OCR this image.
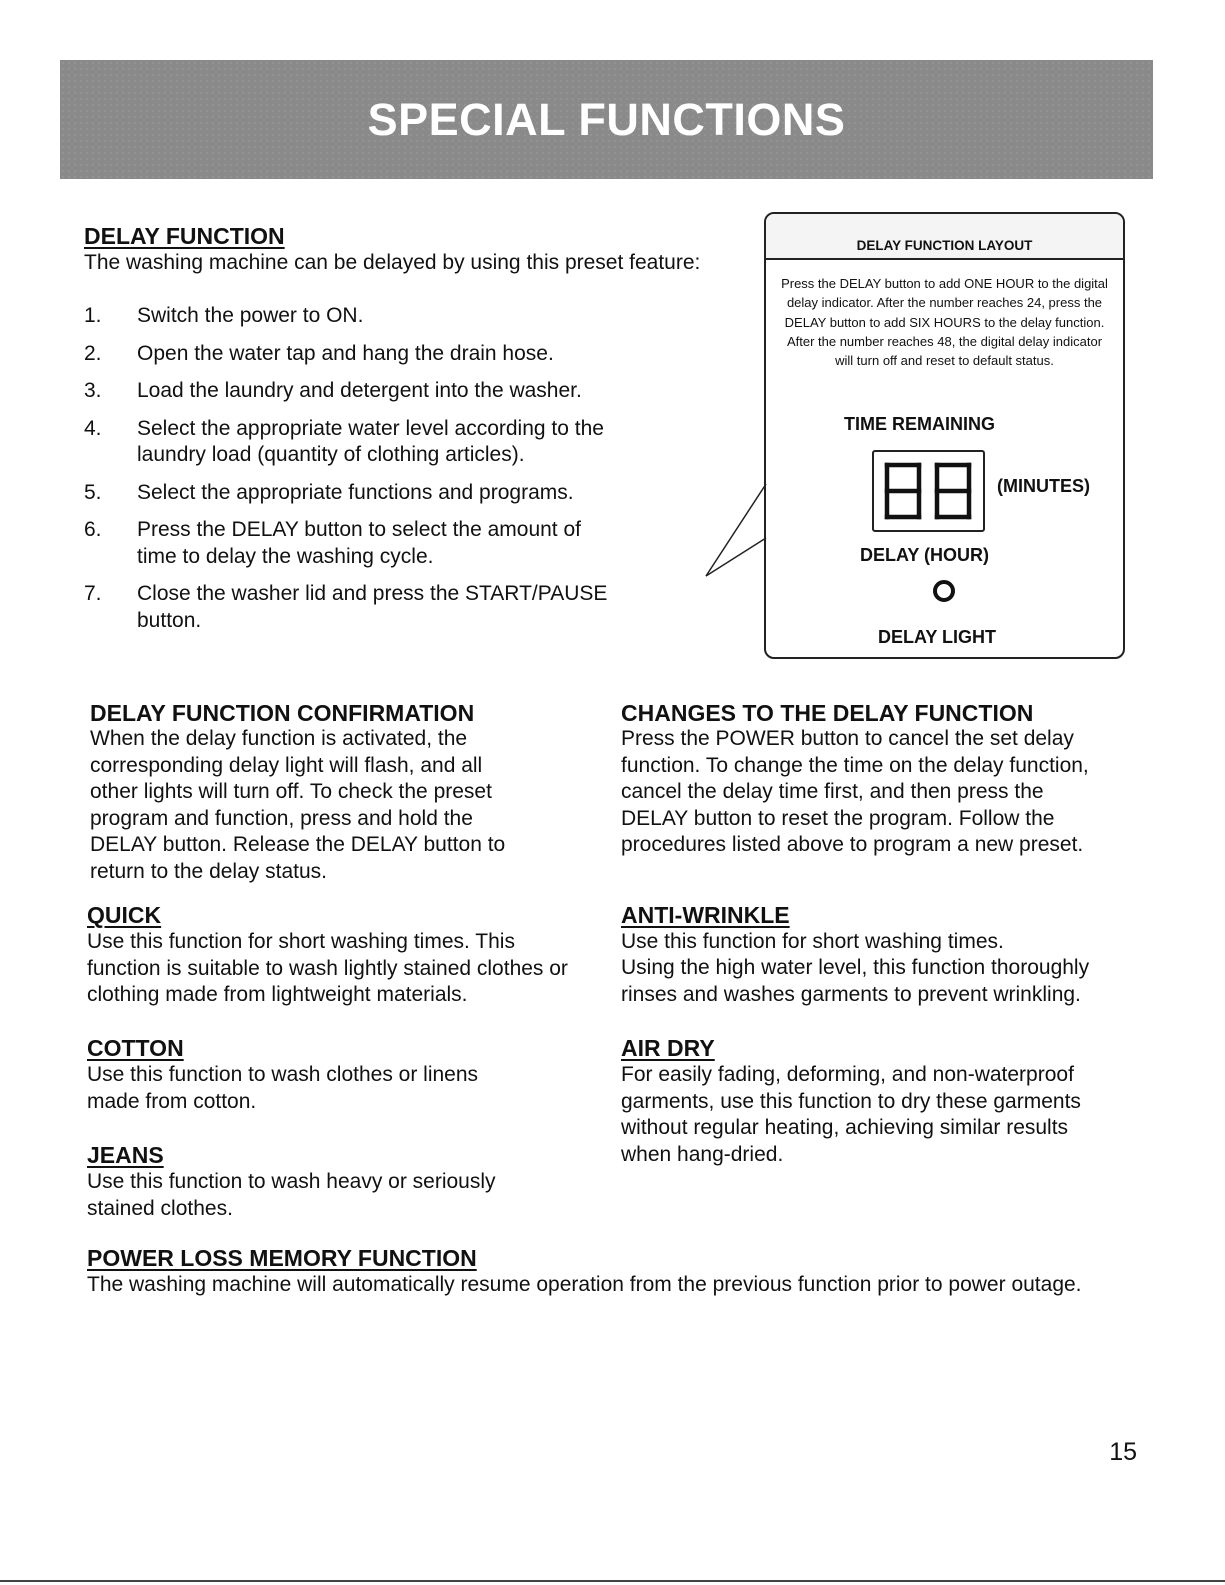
SPECIAL FUNCTIONS
DELAY FUNCTION

The washing machine can be delayed by using this preset feature:

1.	Switch the power to ON.
2.	Open the water tap and hang the drain hose.
3.	Load the laundry and detergent into the washer.
4.	Select the appropriate water level according to the laundry load (quantity of clothing articles).
5.	Select the appropriate functions and programs.
6.	Press the DELAY button to select the amount of time to delay the washing cycle.
7.	Close the washer lid and press the START/PAUSE button.
DELAY FUNCTION LAYOUT
Press the DELAY button to add ONE HOUR to the digital delay indicator. After the number reaches 24, press the DELAY button to add SIX HOURS to the delay function. After the number reaches 48, the digital delay indicator will turn off and reset to default status.
TIME REMAINING
(MINUTES)
DELAY (HOUR)
DELAY LIGHT
DELAY FUNCTION CONFIRMATION

When the delay function is activated, the corresponding delay light will flash, and all other lights will turn off. To check the preset program and function, press and hold the DELAY button. Release the DELAY button to return to the delay status.

CHANGES TO THE DELAY FUNCTION

Press the POWER button to cancel the set delay function. To change the time on the delay function, cancel the delay time first, and then press the DELAY button to reset the program. Follow the procedures listed above to program a new preset.

QUICK

Use this function for short washing times. This function is suitable to wash lightly stained clothes or clothing made from lightweight materials.

ANTI-WRINKLE

Use this function for short washing times.

Using the high water level, this function thoroughly rinses and washes garments to prevent wrinkling.

COTTON

Use this function to wash clothes or linens made from cotton.

AIR DRY

For easily fading, deforming, and non-waterproof garments, use this function to dry these garments without regular heating, achieving similar results when hang-dried.

JEANS

Use this function to wash heavy or seriously stained clothes.

POWER LOSS MEMORY FUNCTION

The washing machine will automatically resume operation from the previous function prior to power outage.

15
